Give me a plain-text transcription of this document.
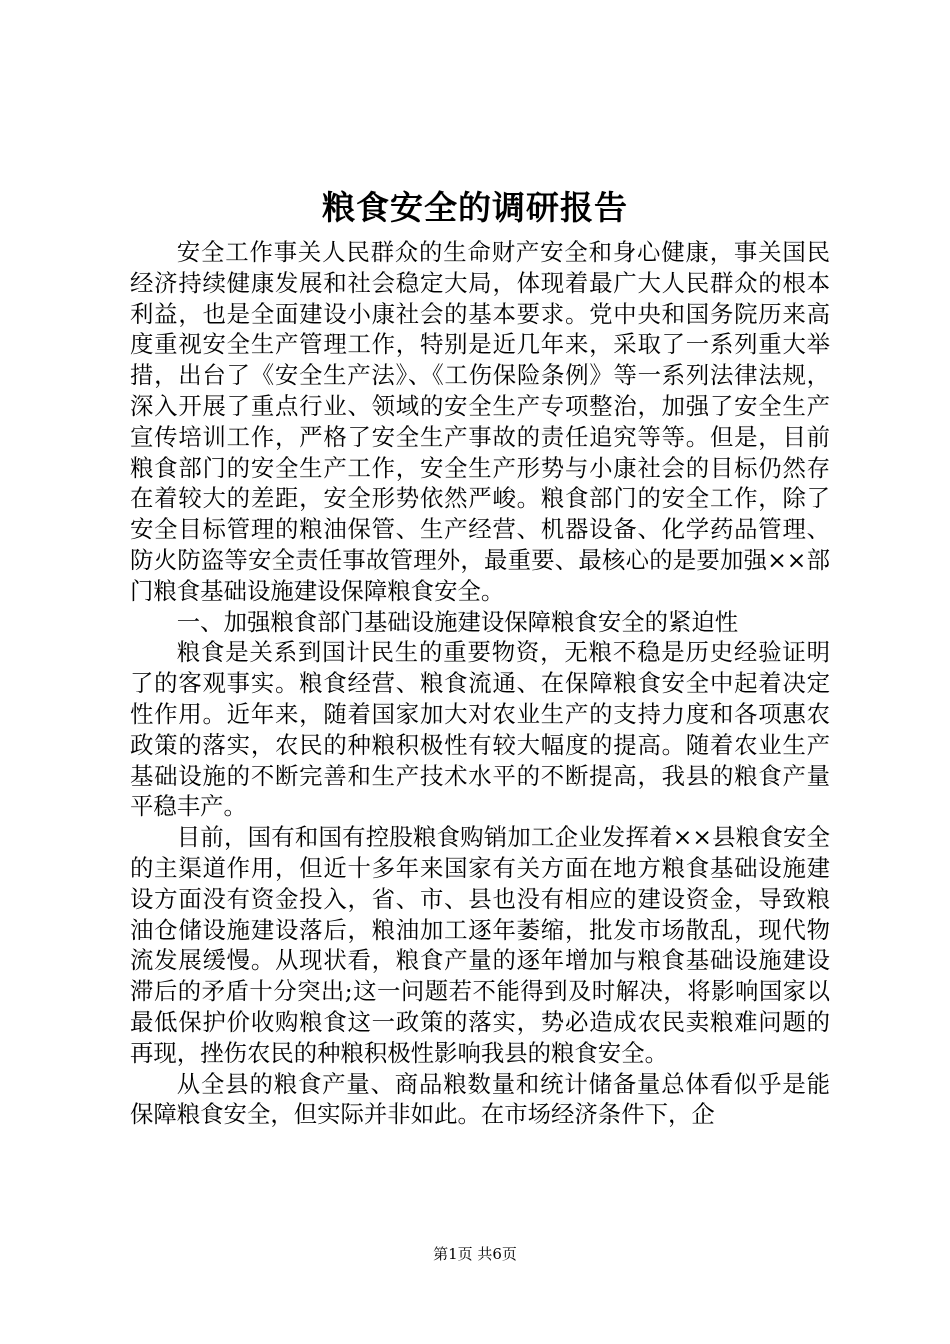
粮食安全的调研报告

安全工作事关人民群众的生命财产安全和身心健康，事关国民经济持续健康发展和社会稳定大局，体现着最广大人民群众的根本利益，也是全面建设小康社会的基本要求。党中央和国务院历来高度重视安全生产管理工作，特别是近几年来，采取了一系列重大举措，出台了《安全生产法》、《工伤保险条例》等一系列法律法规，深入开展了重点行业、领域的安全生产专项整治，加强了安全生产宣传培训工作，严格了安全生产事故的责任追究等等。但是，目前粮食部门的安全生产工作，安全生产形势与小康社会的目标仍然存在着较大的差距，安全形势依然严峻。粮食部门的安全工作，除了安全目标管理的粮油保管、生产经营、机器设备、化学药品管理、防火防盗等安全责任事故管理外，最重要、最核心的是要加强××部门粮食基础设施建设保障粮食安全。

一、加强粮食部门基础设施建设保障粮食安全的紧迫性

粮食是关系到国计民生的重要物资，无粮不稳是历史经验证明了的客观事实。粮食经营、粮食流通、在保障粮食安全中起着决定性作用。近年来，随着国家加大对农业生产的支持力度和各项惠农政策的落实，农民的种粮积极性有较大幅度的提高。随着农业生产基础设施的不断完善和生产技术水平的不断提高，我县的粮食产量平稳丰产。

目前，国有和国有控股粮食购销加工企业发挥着××县粮食安全的主渠道作用，但近十多年来国家有关方面在地方粮食基础设施建设方面没有资金投入，省、市、县也没有相应的建设资金，导致粮油仓储设施建设落后，粮油加工逐年萎缩，批发市场散乱，现代物流发展缓慢。从现状看，粮食产量的逐年增加与粮食基础设施建设滞后的矛盾十分突出;这一问题若不能得到及时解决，将影响国家以最低保护价收购粮食这一政策的落实，势必造成农民卖粮难问题的再现，挫伤农民的种粮积极性影响我县的粮食安全。

从全县的粮食产量、商品粮数量和统计储备量总体看似乎是能保障粮食安全，但实际并非如此。在市场经济条件下，企

第1页 共6页
